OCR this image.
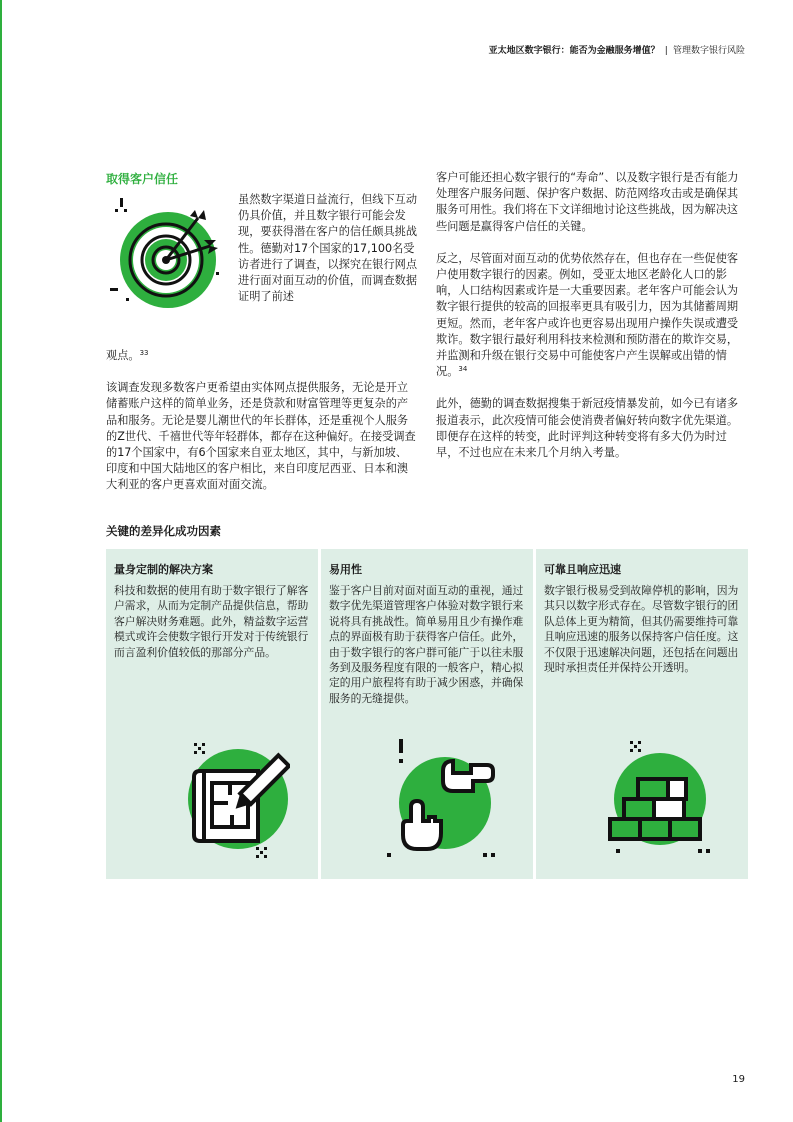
亚太地区数字银行：能否为金融服务增值？ | 管理数字银行风险
取得客户信任
虽然数字渠道日益流行，但线下互动仍具价值，并且数字银行可能会发现，要获得潜在客户的信任颇具挑战性。德勤对17个国家的17,100名受访者进行了调查，以探究在银行网点进行面对面互动的价值，而调查数据证明了前述

观点。$^{33}$

该调查发现多数客户更希望由实体网点提供服务，无论是开立储蓄账户这样的简单业务，还是贷款和财富管理等更复杂的产品和服务。无论是婴儿潮世代的年长群体，还是重视个人服务的Z世代、千禧世代等年轻群体，都存在这种偏好。在接受调查的17个国家中，有6个国家来自亚太地区，其中，与新加坡、印度和中国大陆地区的客户相比，来自印度尼西亚、日本和澳大利亚的客户更喜欢面对面交流。

客户可能还担心数字银行的“寿命”、以及数字银行是否有能力处理客户服务问题、保护客户数据、防范网络攻击或是确保其服务可用性。我们将在下文详细地讨论这些挑战，因为解决这些问题是赢得客户信任的关键。

反之，尽管面对面互动的优势依然存在，但也存在一些促使客户使用数字银行的因素。例如，受亚太地区老龄化人口的影响，人口结构因素或许是一大重要因素。老年客户可能会认为数字银行提供的较高的回报率更具有吸引力，因为其储蓄周期更短。然而，老年客户或许也更容易出现用户操作失误或遭受欺诈。数字银行最好利用科技来检测和预防潜在的欺诈交易，并监测和升级在银行交易中可能使客户产生误解或出错的情况。$^{34}$

此外，德勤的调查数据搜集于新冠疫情暴发前，如今已有诸多报道表示，此次疫情可能会使消费者偏好转向数字优先渠道。即便存在这样的转变，此时评判这种转变将有多大仍为时过早，不过也应在未来几个月纳入考量。

关键的差异化成功因素
量身定制的解决方案
科技和数据的使用有助于数字银行了解客户需求，从而为定制产品提供信息，帮助客户解决财务难题。此外，精益数字运营模式或许会使数字银行开发对于传统银行而言盈利价值较低的那部分产品。
易用性
鉴于客户目前对面对面互动的重视，通过数字优先渠道管理客户体验对数字银行来说将具有挑战性。简单易用且少有操作难点的界面极有助于获得客户信任。此外，由于数字银行的客户群可能广于以往未服务到及服务程度有限的一般客户，精心拟定的用户旅程将有助于减少困惑，并确保服务的无缝提供。
可靠且响应迅速
数字银行极易受到故障停机的影响，因为其只以数字形式存在。尽管数字银行的团队总体上更为精简，但其仍需要维持可靠且响应迅速的服务以保持客户信任度。这不仅限于迅速解决问题，还包括在问题出现时承担责任并保持公开透明。
19
